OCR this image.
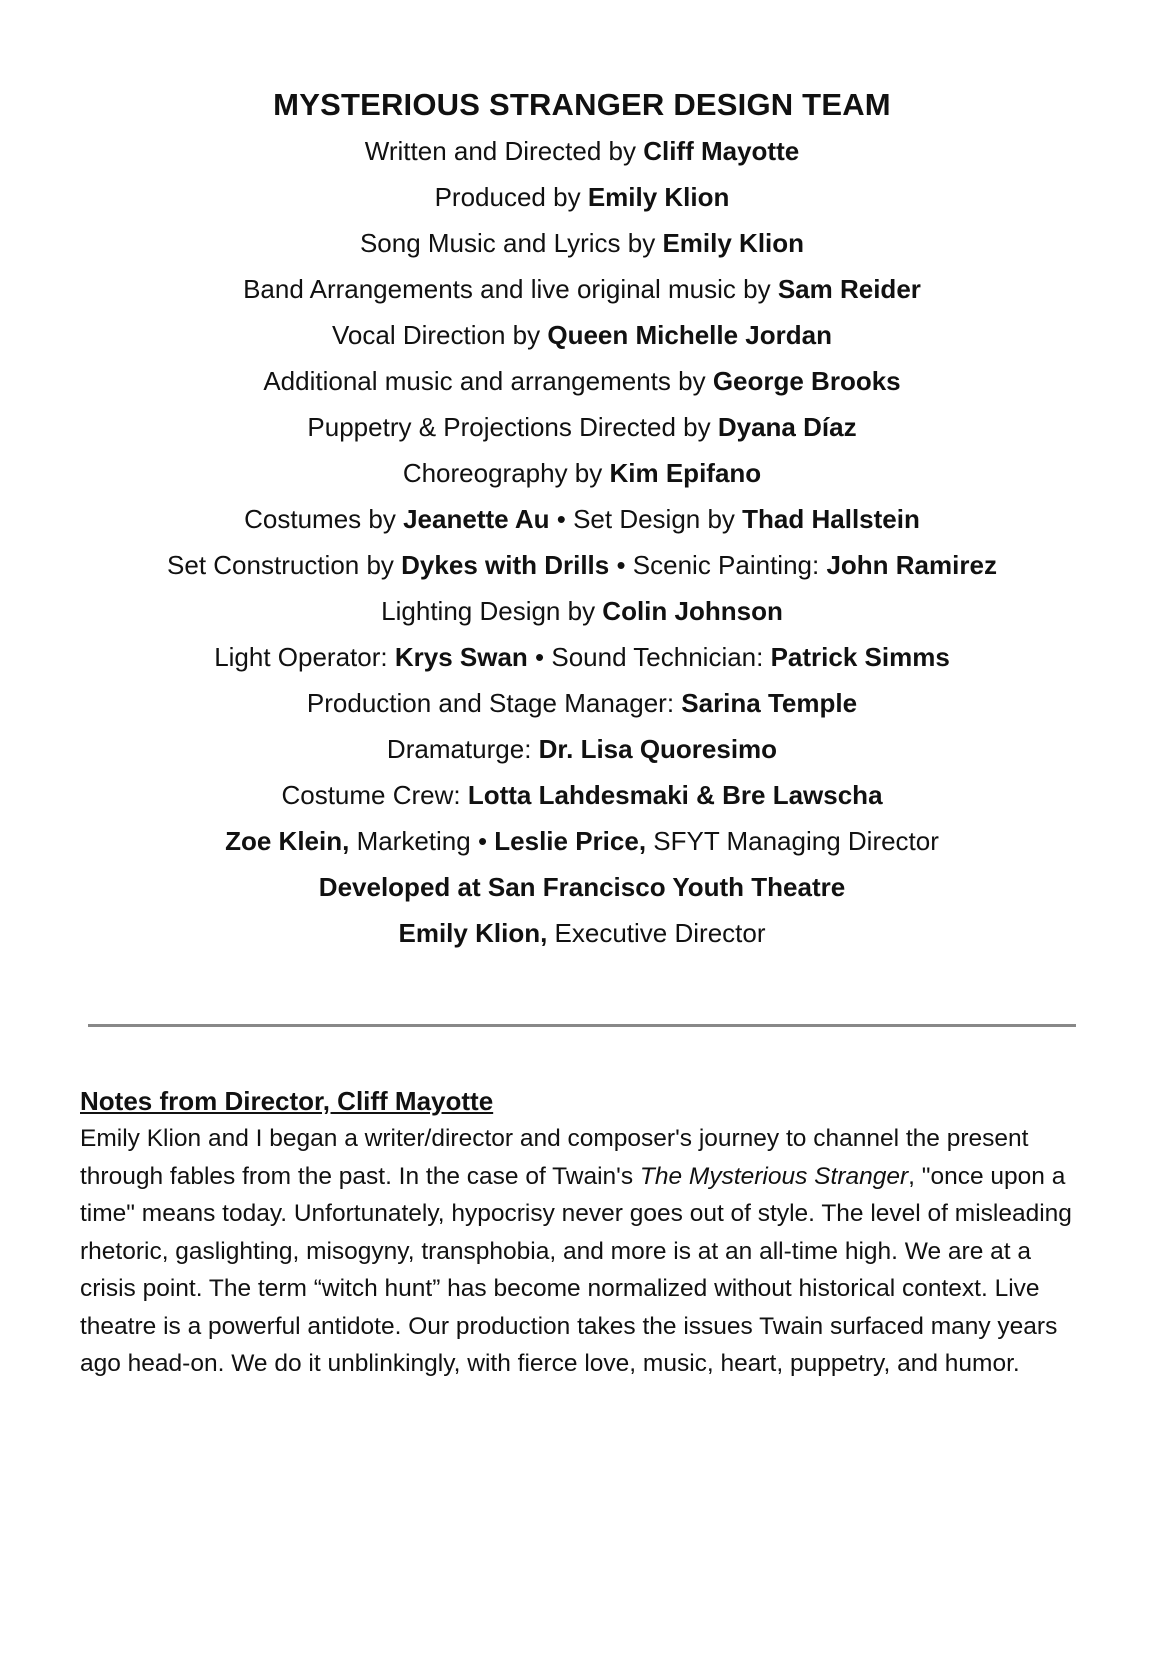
MYSTERIOUS STRANGER DESIGN TEAM
Written and Directed by Cliff Mayotte
Produced by Emily Klion
Song Music and Lyrics by Emily Klion
Band Arrangements and live original music by Sam Reider
Vocal Direction by Queen Michelle Jordan
Additional music and arrangements by George Brooks
Puppetry & Projections Directed by Dyana Díaz
Choreography by Kim Epifano
Costumes by Jeanette Au • Set Design by Thad Hallstein
Set Construction by Dykes with Drills • Scenic Painting: John Ramirez
Lighting Design by Colin Johnson
Light Operator: Krys Swan • Sound Technician: Patrick Simms
Production and Stage Manager: Sarina Temple
Dramaturge: Dr. Lisa Quoresimo
Costume Crew: Lotta Lahdesmaki & Bre Lawscha
Zoe Klein, Marketing • Leslie Price, SFYT Managing Director
Developed at San Francisco Youth Theatre
Emily Klion, Executive Director

Notes from Director, Cliff Mayotte

Emily Klion and I began a writer/director and composer's journey to channel the present through fables from the past. In the case of Twain's The Mysterious Stranger, "once upon a time" means today. Unfortunately, hypocrisy never goes out of style. The level of misleading rhetoric, gaslighting, misogyny, transphobia, and more is at an all-time high. We are at a crisis point. The term “witch hunt” has become normalized without historical context. Live theatre is a powerful antidote. Our production takes the issues Twain surfaced many years ago head-on. We do it unblinkingly, with fierce love, music, heart, puppetry, and humor.
